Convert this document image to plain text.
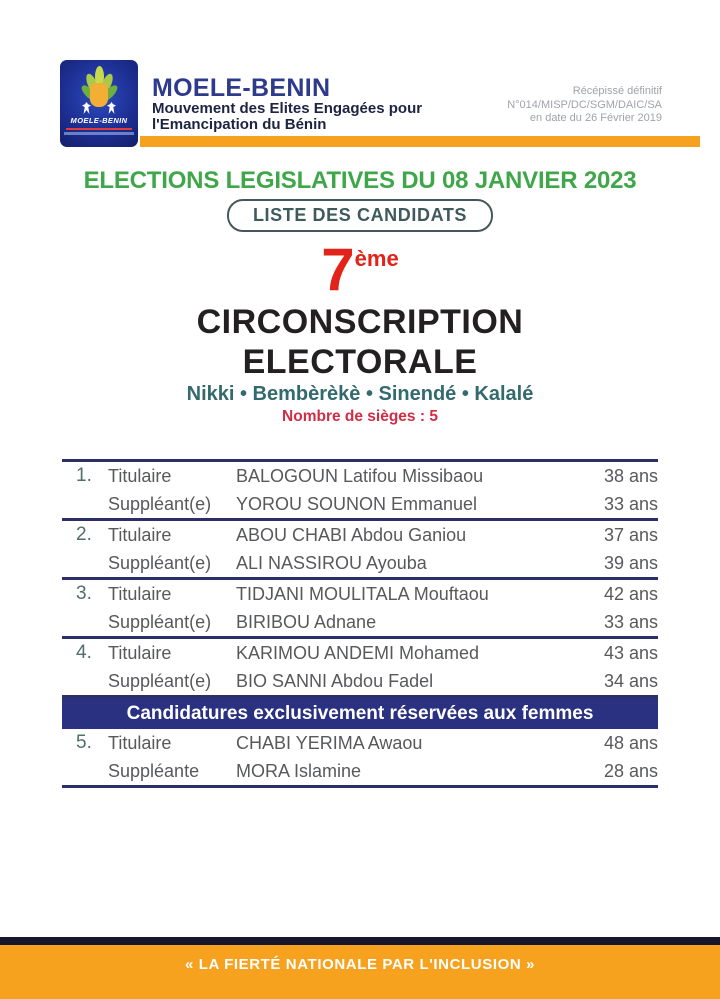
MOELE-BENIN
MOELE-BENIN
Mouvement des Elites Engagées pour
l'Emancipation du Bénin
Récépissé définitif
N°014/MISP/DC/SGM/DAIC/SA
en date du 26 Février 2019
ELECTIONS LEGISLATIVES DU 08 JANVIER 2023
LISTE DES CANDIDATS
7ème
CIRCONSCRIPTION
ELECTORALE
Nikki • Bembèrèkè • Sinendé • Kalalé
Nombre de sièges : 5
1. Titulaire	BALOGOUN Latifou Missibaou	38 ans
Suppléant(e)	YOROU SOUNON Emmanuel	33 ans
2. Titulaire	ABOU CHABI Abdou Ganiou	37 ans
Suppléant(e)	ALI NASSIROU Ayouba	39 ans
3. Titulaire	TIDJANI MOULITALA Mouftaou	42 ans
Suppléant(e)	BIRIBOU Adnane	33 ans
4. Titulaire	KARIMOU ANDEMI Mohamed	43 ans
Suppléant(e)	BIO SANNI Abdou Fadel	34 ans
Candidatures exclusivement réservées aux femmes
5. Titulaire	CHABI YERIMA Awaou	48 ans
Suppléante	MORA Islamine	28 ans
« LA FIERTÉ NATIONALE PAR L'INCLUSION »
